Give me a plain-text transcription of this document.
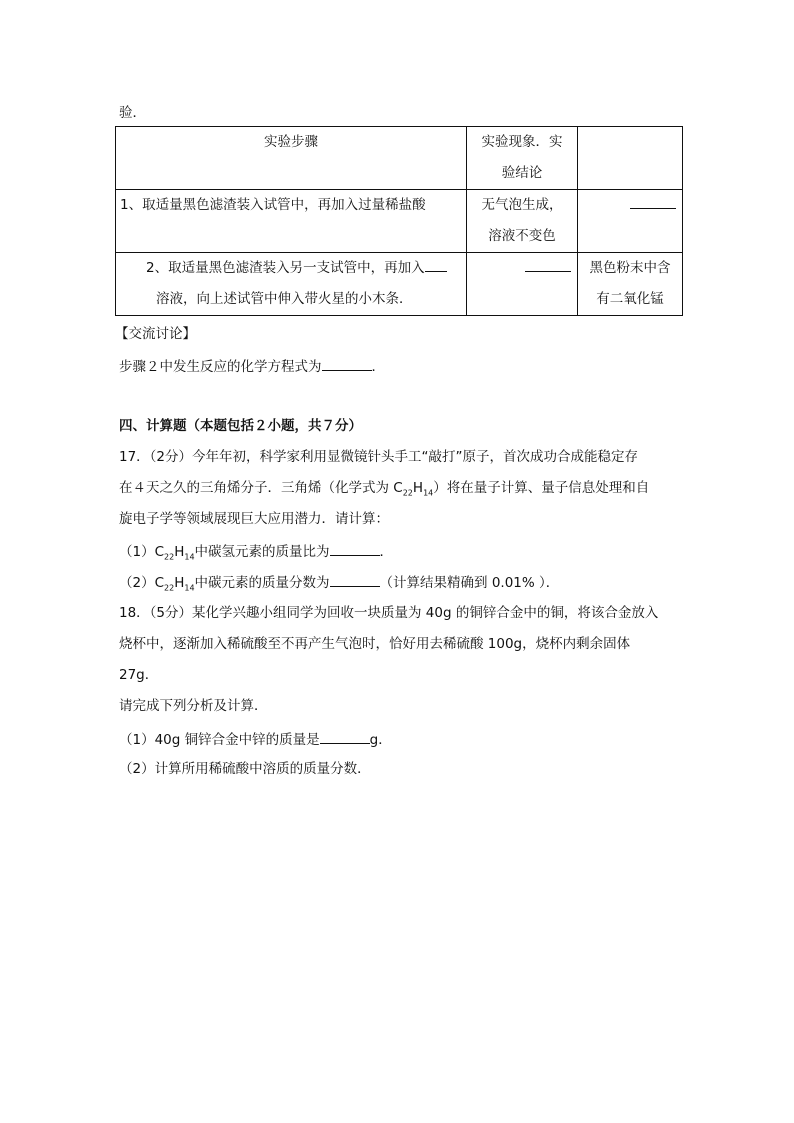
验．
实验步骤	实验现象．实
验结论	

1、取适量黑色滤渣装入试管中，再加入过量稀盐酸	无气泡生成，
溶液不变色	

2、取适量黑色滤渣装入另一支试管中，再加入
溶液，向上述试管中伸入带火星的小木条．		黑色粉末中含
有二氧化锰
【交流讨论】
步骤２中发生反应的化学方程式为	．
四、计算题（本题包括２小题，共７分）
17．（2分）今年年初，科学家利用显微镜针头手工“敲打”原子，首次成功合成能稳定存
在４天之久的三角烯分子．三角烯（化学式为 $C_{22}H_{14}$）将在量子计算、量子信息处理和自
旋电子学等领域展现巨大应用潜力．请计算：
$(1)C_{22}H_{14}$中碳氢元素的质量比为	．
$(2)C_{22}H_{14}$中碳元素的质量分数为	（计算结果精确到 0.01% ）．
18．（5分）某化学兴趣小组同学为回收一块质量为 40g 的铜锌合金中的铜，将该合金放入
烧杯中，逐渐加入稀硫酸至不再产生气泡时，恰好用去稀硫酸 100g，烧杯内剩余固体
27g．
请完成下列分析及计算．
（1）40g 铜锌合金中锌的质量是	g．
（2）计算所用稀硫酸中溶质的质量分数．
